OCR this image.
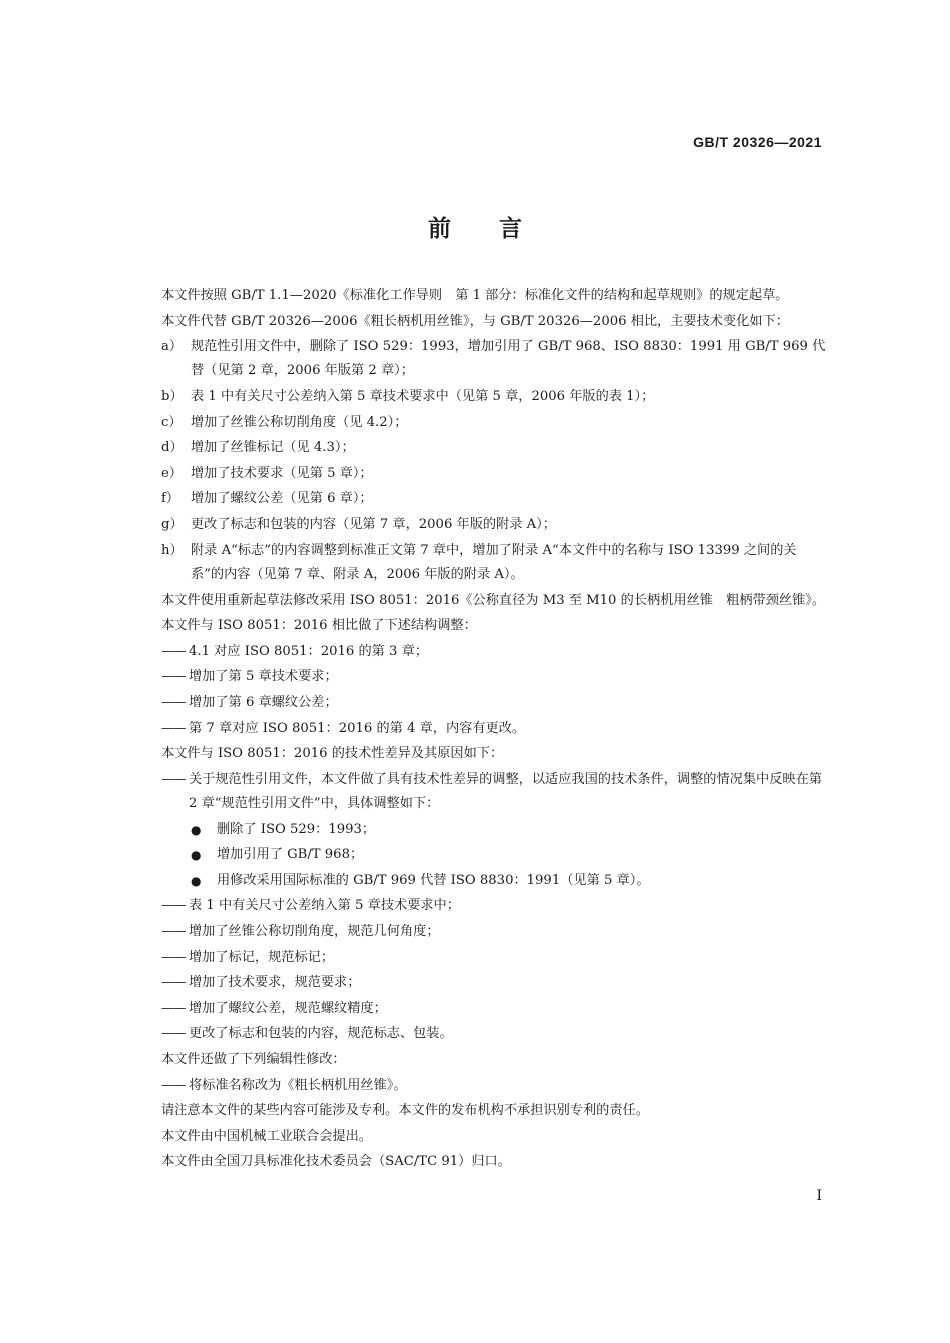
GB/T 20326—2021
前言
本文件按照 GB/T 1.1—2020《标准化工作导则　第 1 部分：标准化文件的结构和起草规则》的规定起草。
本文件代替 GB/T 20326—2006《粗长柄机用丝锥》，与 GB/T 20326—2006 相比，主要技术变化如下：
a） 规范性引用文件中，删除了 ISO 529：1993，增加引用了 GB/T 968、ISO 8830：1991 用 GB/T 969 代替（见第 2 章，2006 年版第 2 章）；
b） 表 1 中有关尺寸公差纳入第 5 章技术要求中（见第 5 章，2006 年版的表 1）；
c） 增加了丝锥公称切削角度（见 4.2）；
d） 增加了丝锥标记（见 4.3）；
e） 增加了技术要求（见第 5 章）；
f） 增加了螺纹公差（见第 6 章）；
g） 更改了标志和包装的内容（见第 7 章，2006 年版的附录 A）；
h） 附录 A“标志”的内容调整到标准正文第 7 章中，增加了附录 A“本文件中的名称与 ISO 13399 之间的关系”的内容（见第 7 章、附录 A，2006 年版的附录 A）。
本文件使用重新起草法修改采用 ISO 8051：2016《公称直径为 M3 至 M10 的长柄机用丝锥　粗柄带颈丝锥》。
本文件与 ISO 8051：2016 相比做了下述结构调整：
—— 4.1 对应 ISO 8051：2016 的第 3 章；
—— 增加了第 5 章技术要求；
—— 增加了第 6 章螺纹公差；
—— 第 7 章对应 ISO 8051：2016 的第 4 章，内容有更改。
本文件与 ISO 8051：2016 的技术性差异及其原因如下：
—— 关于规范性引用文件，本文件做了具有技术性差异的调整，以适应我国的技术条件，调整的情况集中反映在第 2 章“规范性引用文件”中，具体调整如下：
●	删除了 ISO 529：1993；
●	增加引用了 GB/T 968；
●	用修改采用国际标准的 GB/T 969 代替 ISO 8830：1991（见第 5 章）。
—— 表 1 中有关尺寸公差纳入第 5 章技术要求中；
—— 增加了丝锥公称切削角度，规范几何角度；
—— 增加了标记，规范标记；
—— 增加了技术要求，规范要求；
—— 增加了螺纹公差，规范螺纹精度；
—— 更改了标志和包装的内容，规范标志、包装。
本文件还做了下列编辑性修改：
—— 将标准名称改为《粗长柄机用丝锥》。
请注意本文件的某些内容可能涉及专利。本文件的发布机构不承担识别专利的责任。
本文件由中国机械工业联合会提出。
本文件由全国刀具标准化技术委员会（SAC/TC 91）归口。
I
